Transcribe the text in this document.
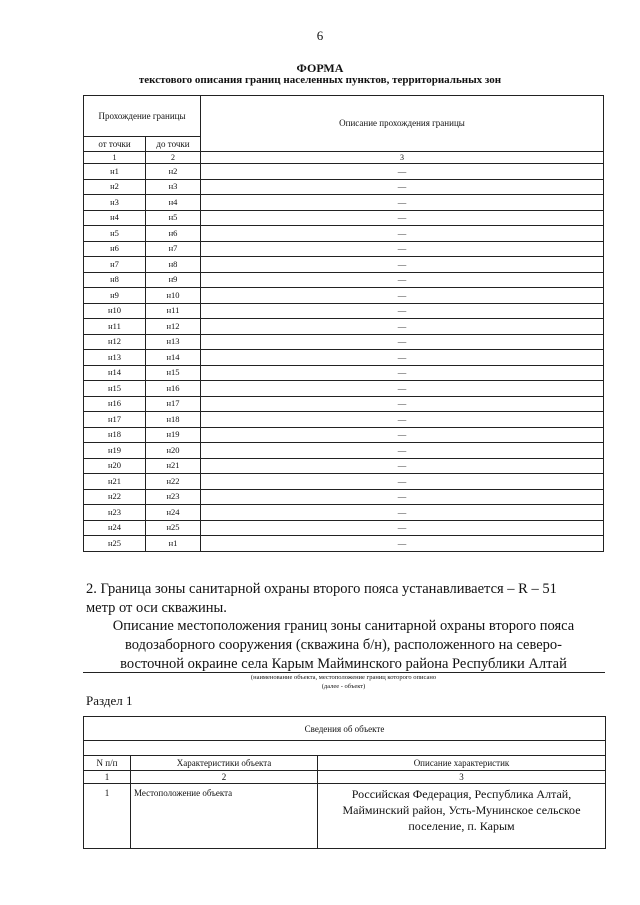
6
ФОРМА
текстового описания границ населенных пунктов, территориальных зон
Прохождение границы		Описание прохождения границы
от точки	до точки	
1	2	3
н1	н2	—
н2	н3	—
н3	н4	—
н4	н5	—
н5	н6	—
н6	н7	—
н7	н8	—
н8	н9	—
н9	н10	—
н10	н11	—
н11	н12	—
н12	н13	—
н13	н14	—
н14	н15	—
н15	н16	—
н16	н17	—
н17	н18	—
н18	н19	—
н19	н20	—
н20	н21	—
н21	н22	—
н22	н23	—
н23	н24	—
н24	н25	—
н25	н1	—
2. Граница зоны санитарной охраны второго пояса устанавливается – R – 51
метр от оси скважины.
Описание местоположения границ зоны санитарной охраны второго пояса
водозаборного сооружения (скважина б/н), расположенного на северо-
восточной окраине села Карым Майминского района Республики Алтай
(наименование объекта, местоположение границ которого описано
(далее - объект)
Раздел 1
Сведения об объекте		

N п/п	Характеристики объекта	Описание характеристик
1	2	3
1	Местоположение объекта	Российская Федерация, Республика Алтай,
Майминский район, Усть-Мунинское сельское
поселение, п. Карым
